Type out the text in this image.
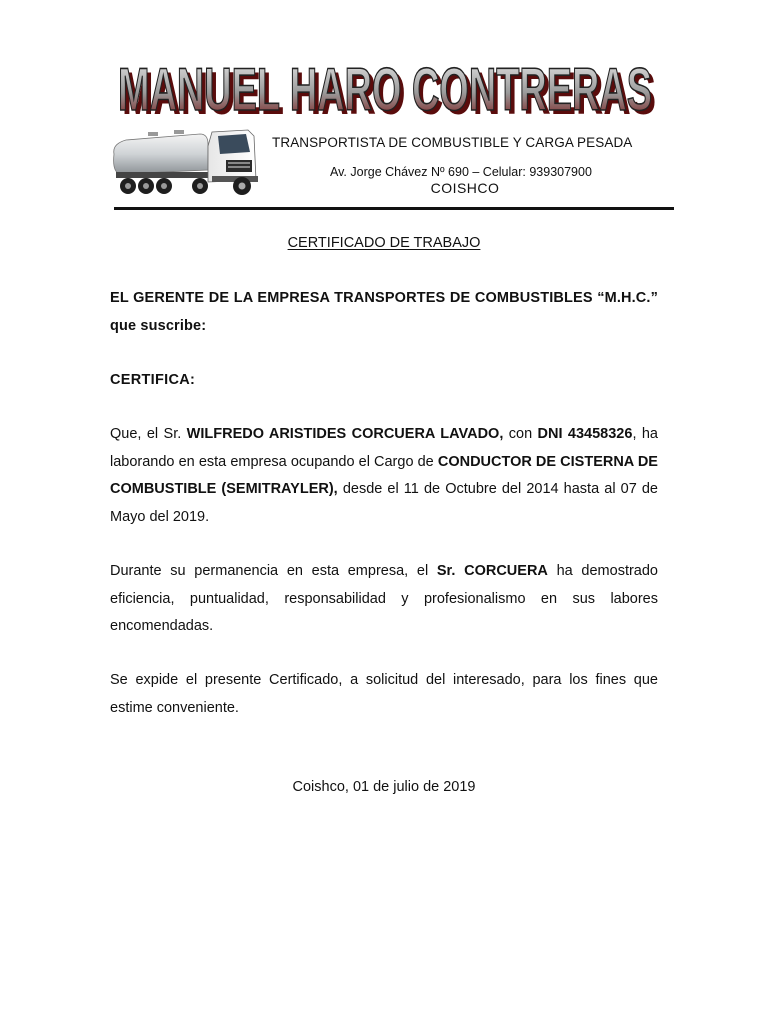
MANUEL HARO CONTRERAS
MANUEL HARO CONTRERAS
TRANSPORTISTA DE COMBUSTIBLE Y CARGA PESADA
Av. Jorge Chávez Nº 690 – Celular: 939307900
COISHCO
CERTIFICADO DE TRABAJO

EL GERENTE DE LA EMPRESA TRANSPORTES DE COMBUSTIBLES “M.H.C.” que suscribe:

CERTIFICA:

Que, el Sr. WILFREDO ARISTIDES CORCUERA LAVADO, con DNI 43458326, ha laborando en esta empresa ocupando el Cargo de CONDUCTOR DE CISTERNA DE COMBUSTIBLE (SEMITRAYLER), desde el 11 de Octubre del 2014 hasta al 07 de Mayo del 2019.

Durante su permanencia en esta empresa, el Sr. CORCUERA ha demostrado eficiencia, puntualidad, responsabilidad y profesionalismo en sus labores encomendadas.

Se expide el presente Certificado, a solicitud del interesado, para los fines que estime conveniente.

Coishco, 01 de julio de 2019
